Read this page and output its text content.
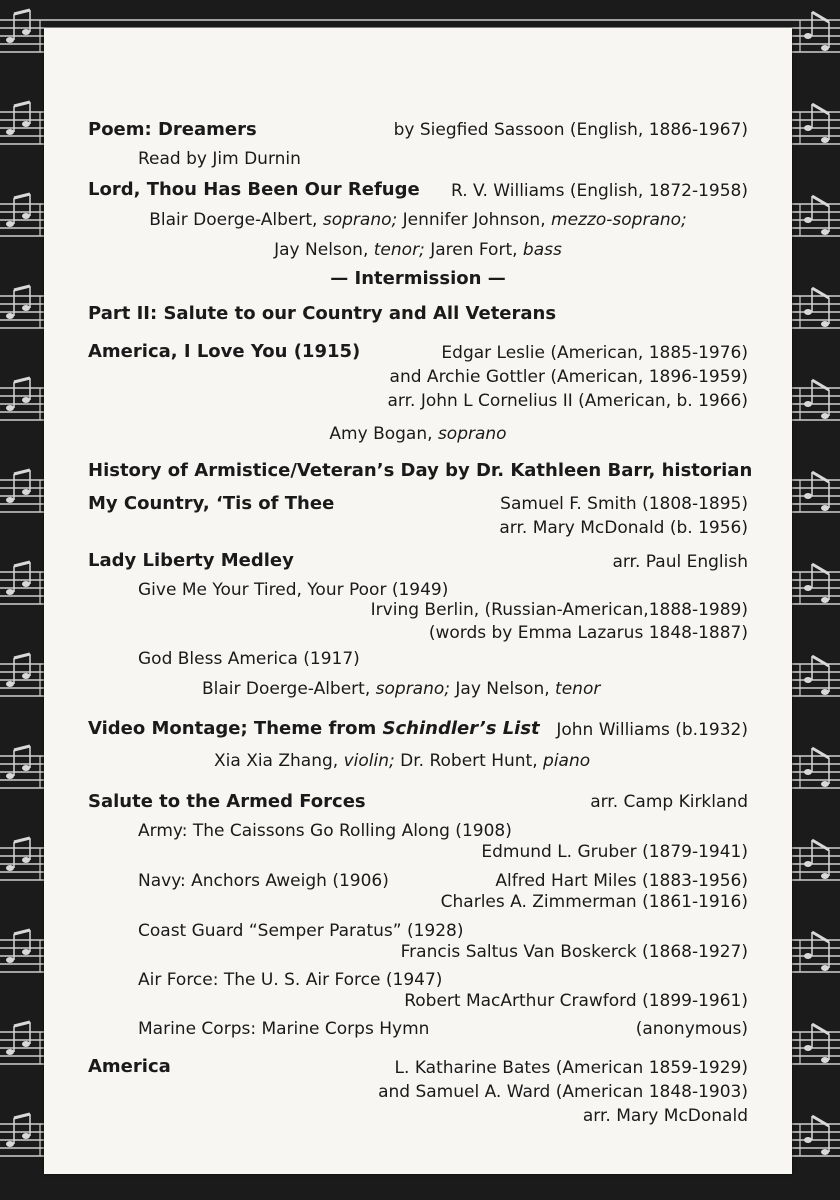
Poem: Dreamers	by Siegfied Sassoon (English, 1886-1967)
Read by Jim Durnin
Lord, Thou Has Been Our Refuge R. V. Williams (English, 1872-1958)
Blair Doerge-Albert, soprano; Jennifer Johnson, mezzo-soprano;
Jay Nelson, tenor; Jaren Fort, bass
— Intermission —
Part II: Salute to our Country and All Veterans
America, I Love You (1915)	Edgar Leslie (American, 1885-1976)
and Archie Gottler (American, 1896-1959)
arr. John L Cornelius II (American, b. 1966)
Amy Bogan, soprano
History of Armistice/Veteran’s Day by Dr. Kathleen Barr, historian
My Country, ‘Tis of Thee	Samuel F. Smith (1808-1895)
arr. Mary McDonald (b. 1956)
Lady Liberty Medley	arr. Paul English
Give Me Your Tired, Your Poor (1949)
Irving Berlin, (Russian-American,1888-1989)
(words by Emma Lazarus 1848-1887)
God Bless America (1917)
Blair Doerge-Albert, soprano; Jay Nelson, tenor
Video Montage; Theme from Schindler’s List John Williams (b.1932)
Xia Xia Zhang, violin; Dr. Robert Hunt, piano
Salute to the Armed Forces	arr. Camp Kirkland
Army: The Caissons Go Rolling Along (1908)
Edmund L. Gruber (1879-1941)
Navy: Anchors Aweigh (1906)	Alfred Hart Miles (1883-1956)
Charles A. Zimmerman (1861-1916)
Coast Guard “Semper Paratus” (1928)
Francis Saltus Van Boskerck (1868-1927)
Air Force: The U. S. Air Force (1947)
Robert MacArthur Crawford (1899-1961)
Marine Corps: Marine Corps Hymn	(anonymous)
America	L. Katharine Bates (American 1859-1929)
and Samuel A. Ward (American 1848-1903)
arr. Mary McDonald
